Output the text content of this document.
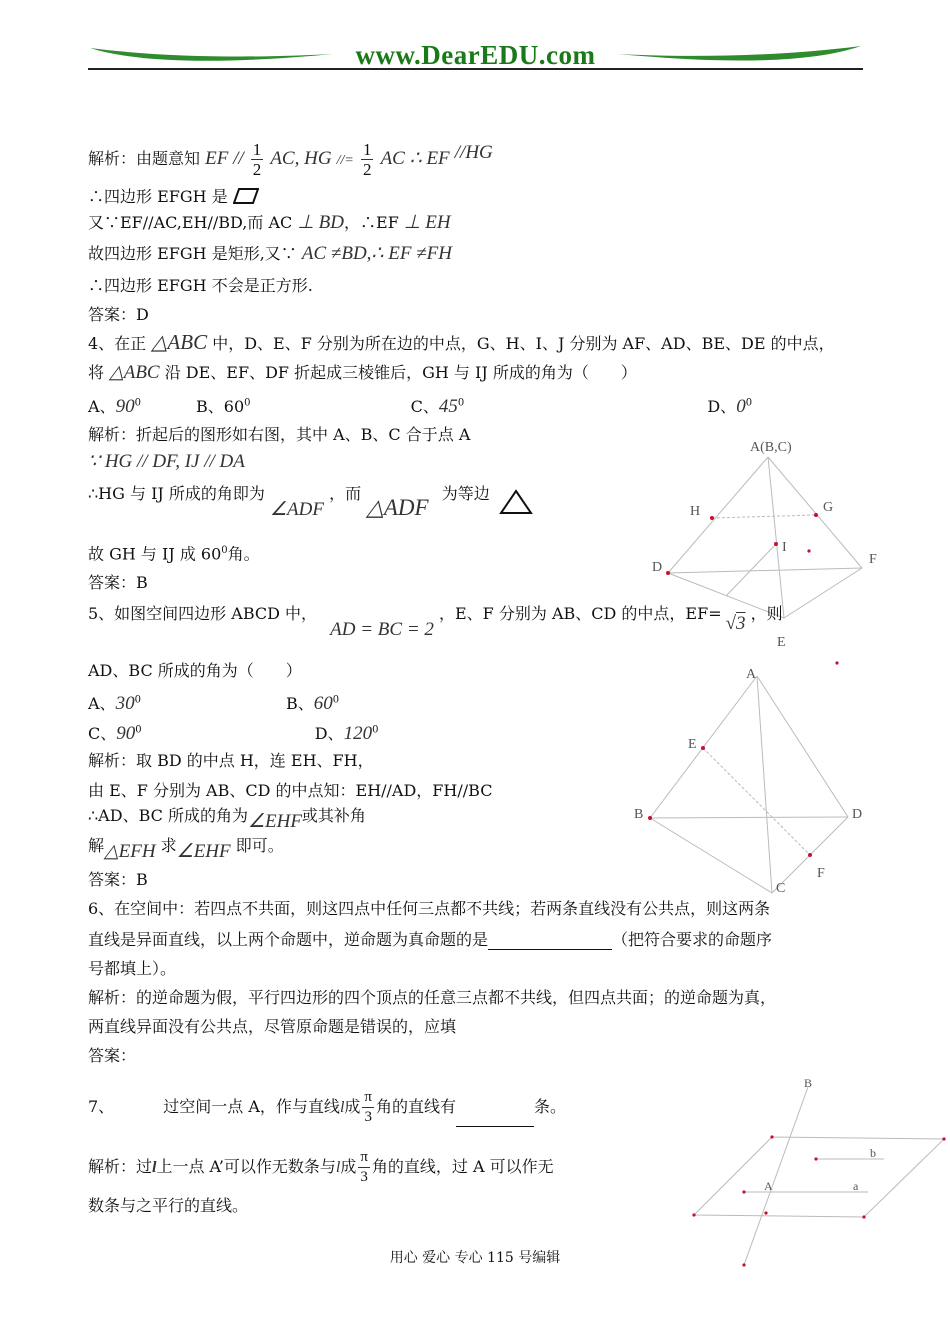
www.DearEDU.com
解析：由题意知 EF // $\frac{1}{2}$ AC, HG //= $\frac{1}{2}$ AC ∴ EF //HG
∴四边形 EFGH 是
又∵EF//AC,EH//BD,而 AC ⊥ BD，∴EF ⊥ EH
故四边形 EFGH 是矩形,又∵ AC ≠BD,∴ EF ≠FH
∴四边形 EFGH 不会是正方形.
答案：D
4、在正 △ABC 中，D、E、F 分别为所在边的中点，G、H、I、J 分别为 AF、AD、BE、DE 的中点，
将 △ABC 沿 DE、EF、DF 折起成三棱锥后，GH 与 IJ 所成的角为（　　）
A、$90^0$	B、$60^0$	C、$45^0$	D、$0^0$
解析：折起后的图形如右图，其中 A、B、C 合于点 A
∵ HG // DF, IJ // DA
∴HG 与 IJ 所成的角即为 ∠ADF ，而 △ADF 为等边
故 GH 与 IJ 成 $60^0$角。
答案：B
A(B,C)
H	G
I
D
F
E
5、如图空间四边形 ABCD 中， AD = BC = 2 ，E、F 分别为 AB、CD 的中点，EF= √3 ，则
AD、BC 所成的角为（　　）
A、$30^0$	B、$60^0$
C、$90^0$	D、$120^0$
解析：取 BD 的中点 H，连 EH、FH，
由 E、F 分别为 AB、CD 的中点知：EH//AD，FH//BC
∴AD、BC 所成的角为∠EHF或其补角
解△EFH 求∠EHF 即可。
答案：B
A
E
B	D
F
C
6、在空间中：若四点不共面，则这四点中任何三点都不共线；若两条直线没有公共点，则这两条
直线是异面直线，以上两个命题中，逆命题为真命题的是	（把符合要求的命题序
号都填上）。
解析：的逆命题为假，平行四边形的四个顶点的任意三点都不共线，但四点共面；的逆命题为真，
两直线异面没有公共点，尽管原命题是错误的，应填
答案：
7、	过空间一点 A，作与直线l成 $\frac{\pi}{3}$ 角的直线有	条。
解析：过l上一点 A’可以作无数条与l成 $\frac{\pi}{3}$ 角的直线，过 A 可以作无
数条与之平行的直线。
B
b
A	a
用心 爱心 专心 115 号编辑
